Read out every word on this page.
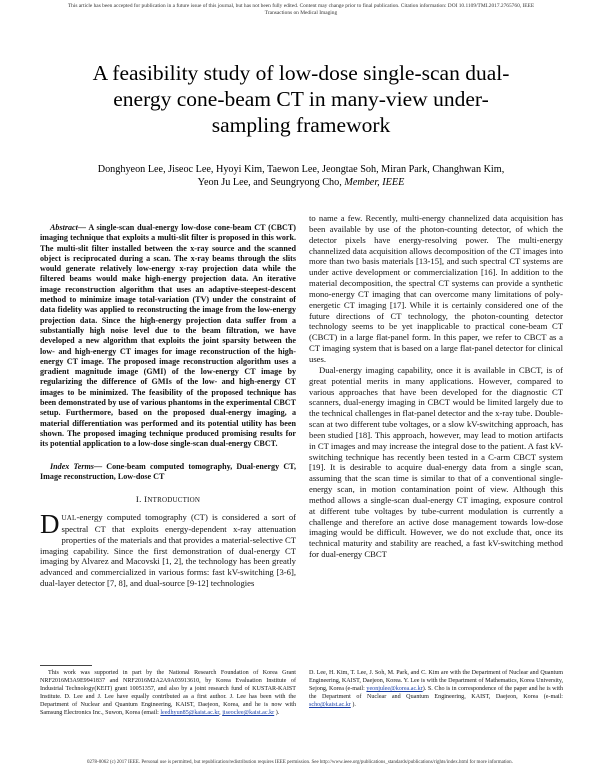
This article has been accepted for publication in a future issue of this journal, but has not been fully edited. Content may change prior to final publication. Citation information: DOI 10.1109/TMI.2017.2765760, IEEE
Transactions on Medical Imaging
A feasibility study of low-dose single-scan dual-
energy cone-beam CT in many-view under-
sampling framework
Donghyeon Lee, Jiseoc Lee, Hyoyi Kim, Taewon Lee, Jeongtae Soh, Miran Park, Changhwan Kim,
Yeon Ju Lee, and Seungryong Cho, Member, IEEE

Abstract— A single-scan dual-energy low-dose cone-beam CT (CBCT) imaging technique that exploits a multi-slit filter is proposed in this work. The multi-slit filter installed between the x-ray source and the scanned object is reciprocated during a scan. The x-ray beams through the slits would generate relatively low-energy x-ray projection data while the filtered beams would make high-energy projection data. An iterative image reconstruction algorithm that uses an adaptive-steepest-descent method to minimize image total-variation (TV) under the constraint of data fidelity was applied to reconstructing the image from the low-energy projection data. Since the high-energy projection data suffer from a substantially high noise level due to the beam filtration, we have developed a new algorithm that exploits the joint sparsity between the low- and high-energy CT images for image reconstruction of the high-energy CT image. The proposed image reconstruction algorithm uses a gradient magnitude image (GMI) of the low-energy CT image by regularizing the difference of GMIs of the low- and high-energy CT images to be minimized. The feasibility of the proposed technique has been demonstrated by use of various phantoms in the experimental CBCT setup. Furthermore, based on the proposed dual-energy imaging, a material differentiation was performed and its potential utility has been shown. The proposed imaging technique produced promising results for its potential application to a low-dose single-scan dual-energy CBCT.

Index Terms— Cone-beam computed tomography, Dual-energy CT, Image reconstruction, Low-dose CT

I. INTRODUCTION

DUAL-energy computed tomography (CT) is considered a sort of spectral CT that exploits energy-dependent x-ray attenuation properties of the materials and that provides a material-selective CT imaging capability. Since the first demonstration of dual-energy CT imaging by Alvarez and Macovski [1, 2], the technology has been greatly advanced and commercialized in various forms: fast kV-switching [3-6], dual-layer detector [7, 8], and dual-source [9-12] technologies

to name a few. Recently, multi-energy channelized data acquisition has been available by use of the photon-counting detector, of which the detector pixels have energy-resolving power. The multi-energy channelized data acquisition allows decomposition of the CT images into more than two basis materials [13-15], and such spectral CT systems are under active development or commercialization [16]. In addition to the material decomposition, the spectral CT systems can provide a synthetic mono-energy CT imaging that can overcome many limitations of poly-energetic CT imaging [17]. While it is certainly considered one of the future directions of CT technology, the photon-counting detector technology seems to be yet inapplicable to practical cone-beam CT (CBCT) in a large flat-panel form. In this paper, we refer to CBCT as a CT imaging system that is based on a large flat-panel detector for clinical uses.

Dual-energy imaging capability, once it is available in CBCT, is of great potential merits in many applications. However, compared to various approaches that have been developed for the diagnostic CT scanners, dual-energy imaging in CBCT would be limited largely due to the technical challenges in flat-panel detector and the x-ray tube. Double-scan at two different tube voltages, or a slow kV-switching approach, has been studied [18]. This approach, however, may lead to motion artifacts in CT images and may increase the integral dose to the patient. A fast kV-switching technique has recently been tested in a C-arm CBCT system [19]. It is desirable to acquire dual-energy data from a single scan, assuming that the scan time is similar to that of a conventional single-energy scan, in motion contamination point of view. Although this method allows a single-scan dual-energy CT imaging, exposure control at different tube voltages by tube-current modulation is currently a challenge and therefore an active dose management towards low-dose imaging would be difficult. However, we do not exclude that, once its technical maturity and stability are reached, a fast kV-switching method for dual-energy CBCT

This work was supported in part by the National Research Foundation of Korea Grant NRF2016M3A9E9941837 and NRF2016M2A2A9A03913610, by Korea Evaluation Institute of Industrial Technology(KEIT) grant 10051357, and also by a joint research fund of KUSTAR-KAIST Institute. D. Lee and J. Lee have equally contributed as a first author. J. Lee has been with the Department of Nuclear and Quantum Engineering, KAIST, Daejeon, Korea, and he is now with Samsung Electronics Inc., Suwon, Korea (email: leedhyun85@kaist.ac.kr, jiseoclee@kaist.ac.kr ).
D. Lee, H. Kim, T. Lee, J. Soh, M. Park, and C. Kim are with the Department of Nuclear and Quantum Engineering, KAIST, Daejeon, Korea. Y. Lee is with the Department of Mathematics, Korea University, Sejong, Korea (e-mail: yeonjulee@korea.ac.kr). S. Cho is in correspondence of the paper and he is with the Department of Nuclear and Quantum Engineering, KAIST, Daejeon, Korea (e-mail: scho@kaist.ac.kr ).
0278-0062 (c) 2017 IEEE. Personal use is permitted, but republication/redistribution requires IEEE permission. See http://www.ieee.org/publications_standards/publications/rights/index.html for more information.
